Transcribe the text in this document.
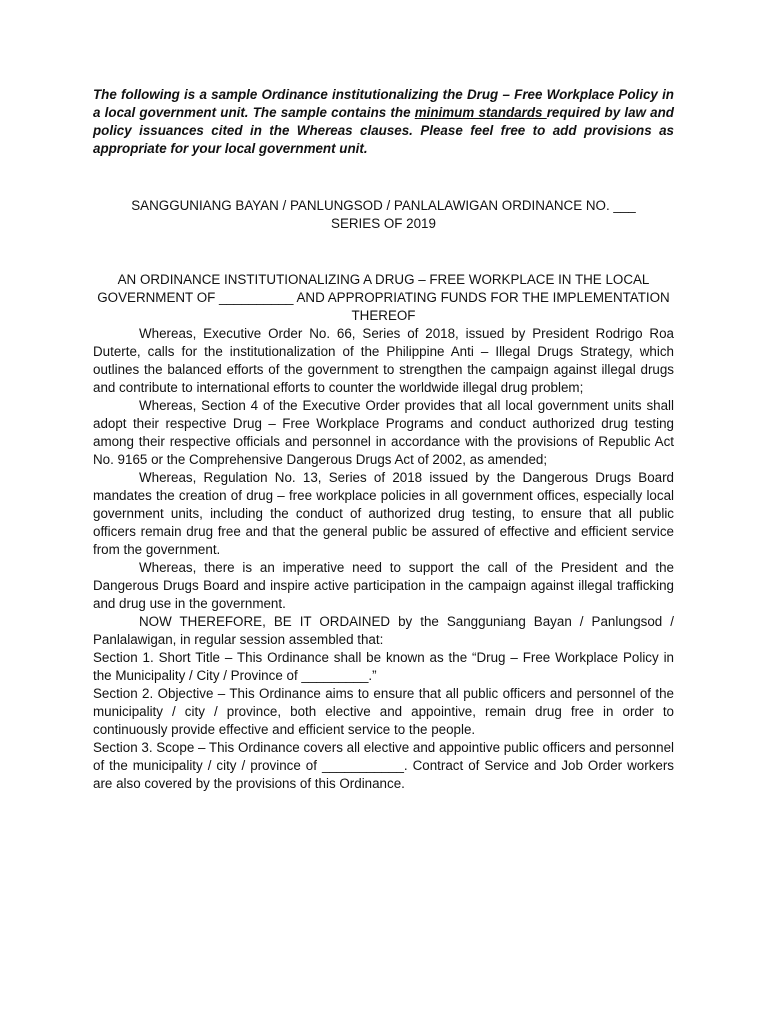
The following is a sample Ordinance institutionalizing the Drug – Free Workplace Policy in a local government unit. The sample contains the minimum standards required by law and policy issuances cited in the Whereas clauses. Please feel free to add provisions as appropriate for your local government unit.

SANGGUNIANG BAYAN / PANLUNGSOD / PANLALAWIGAN ORDINANCE NO. ___

SERIES OF 2019

AN ORDINANCE INSTITUTIONALIZING A DRUG – FREE WORKPLACE IN THE LOCAL

GOVERNMENT OF __________ AND APPROPRIATING FUNDS FOR THE IMPLEMENTATION

THEREOF

Whereas, Executive Order No. 66, Series of 2018, issued by President Rodrigo Roa Duterte, calls for the institutionalization of the Philippine Anti – Illegal Drugs Strategy, which outlines the balanced efforts of the government to strengthen the campaign against illegal drugs and contribute to international efforts to counter the worldwide illegal drug problem;

Whereas, Section 4 of the Executive Order provides that all local government units shall adopt their respective Drug – Free Workplace Programs and conduct authorized drug testing among their respective officials and personnel in accordance with the provisions of Republic Act No. 9165 or the Comprehensive Dangerous Drugs Act of 2002, as amended;

Whereas, Regulation No. 13, Series of 2018 issued by the Dangerous Drugs Board mandates the creation of drug – free workplace policies in all government offices, especially local government units, including the conduct of authorized drug testing, to ensure that all public officers remain drug free and that the general public be assured of effective and efficient service from the government.

Whereas, there is an imperative need to support the call of the President and the Dangerous Drugs Board and inspire active participation in the campaign against illegal trafficking and drug use in the government.

NOW THEREFORE, BE IT ORDAINED by the Sangguniang Bayan / Panlungsod / Panlalawigan, in regular session assembled that:

Section 1. Short Title – This Ordinance shall be known as the “Drug – Free Workplace Policy in the Municipality / City / Province of _________.”

Section 2. Objective – This Ordinance aims to ensure that all public officers and personnel of the municipality / city / province, both elective and appointive, remain drug free in order to continuously provide effective and efficient service to the people.

Section 3. Scope – This Ordinance covers all elective and appointive public officers and personnel of the municipality / city / province of ___________. Contract of Service and Job Order workers are also covered by the provisions of this Ordinance.
